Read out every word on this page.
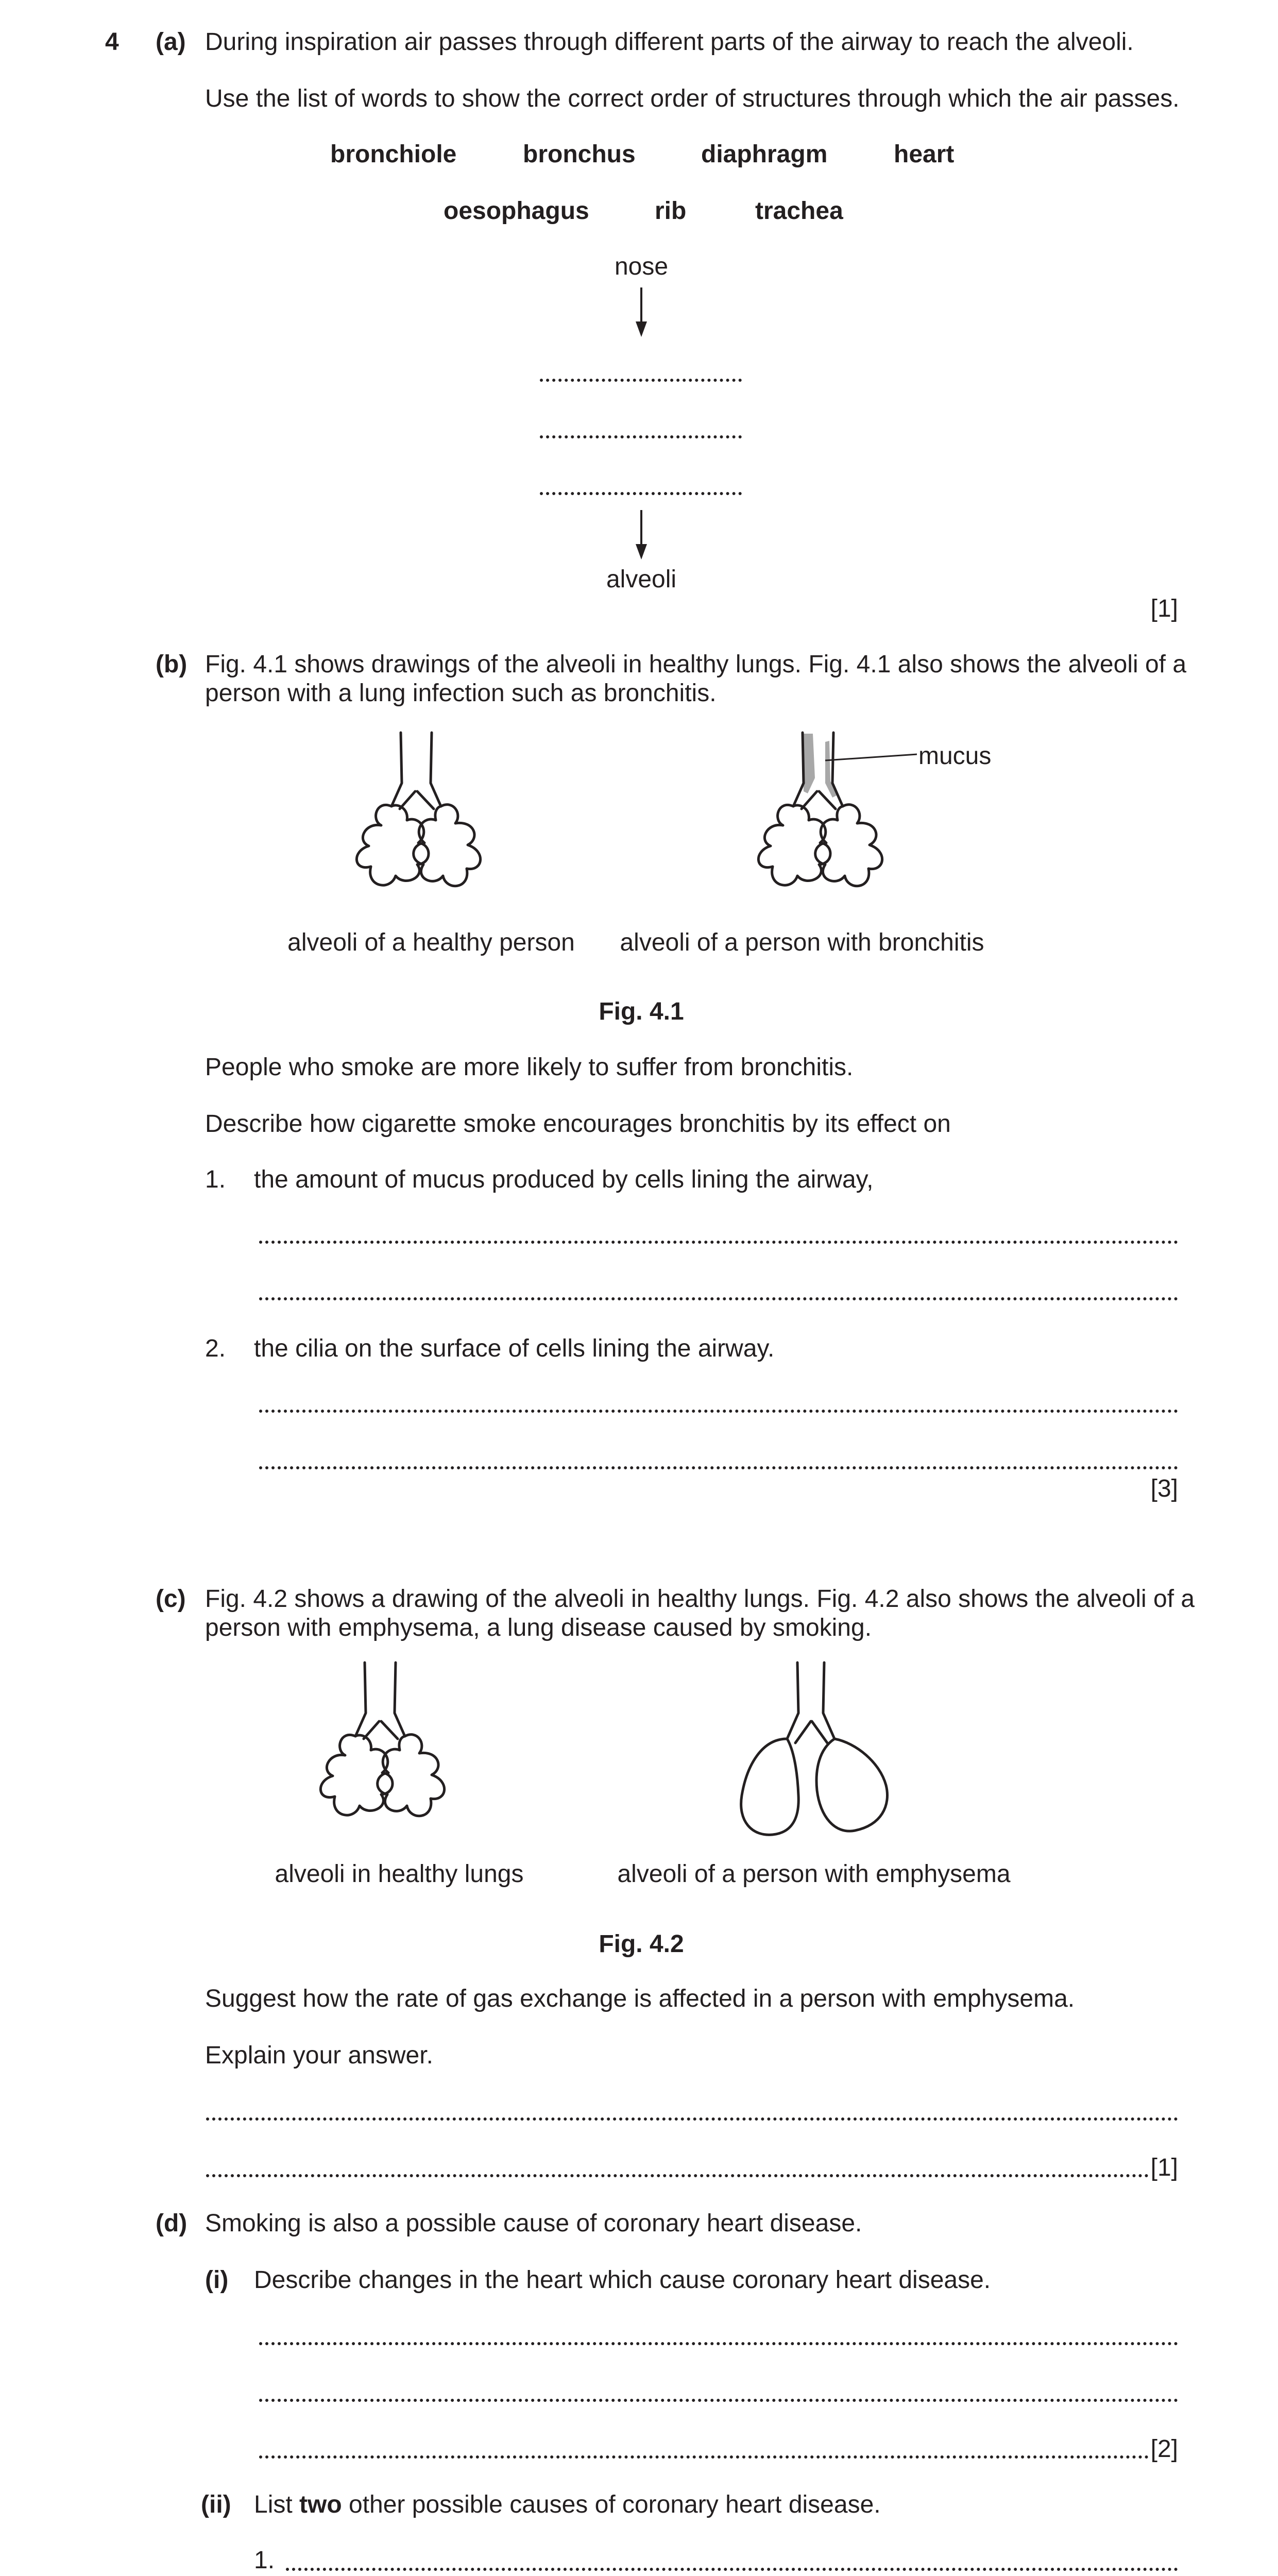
4 (a) During inspiration air passes through different parts of the airway to reach the alveoli.
Use the list of words to show the correct order of structures through which the air passes.
bronchiole	bronchus	diaphragm	heart
oesophagus	rib	trachea
nose
alveoli
[1]
(b) Fig. 4.1 shows drawings of the alveoli in healthy lungs. Fig. 4.1 also shows the alveoli of a
person with a lung infection such as bronchitis.
mucus
alveoli of a healthy person alveoli of a person with bronchitis
Fig. 4.1
People who smoke are more likely to suffer from bronchitis.
Describe how cigarette smoke encourages bronchitis by its effect on
1. the amount of mucus produced by cells lining the airway,
2. the cilia on the surface of cells lining the airway.
[3]
(c) Fig. 4.2 shows a drawing of the alveoli in healthy lungs. Fig. 4.2 also shows the alveoli of a
person with emphysema, a lung disease caused by smoking.
alveoli in healthy lungs	alveoli of a person with emphysema
Fig. 4.2
Suggest how the rate of gas exchange is affected in a person with emphysema.
Explain your answer.
[1]
(d) Smoking is also a possible cause of coronary heart disease.
(i) Describe changes in the heart which cause coronary heart disease.
[2]
(ii) List two other possible causes of coronary heart disease.
1.
